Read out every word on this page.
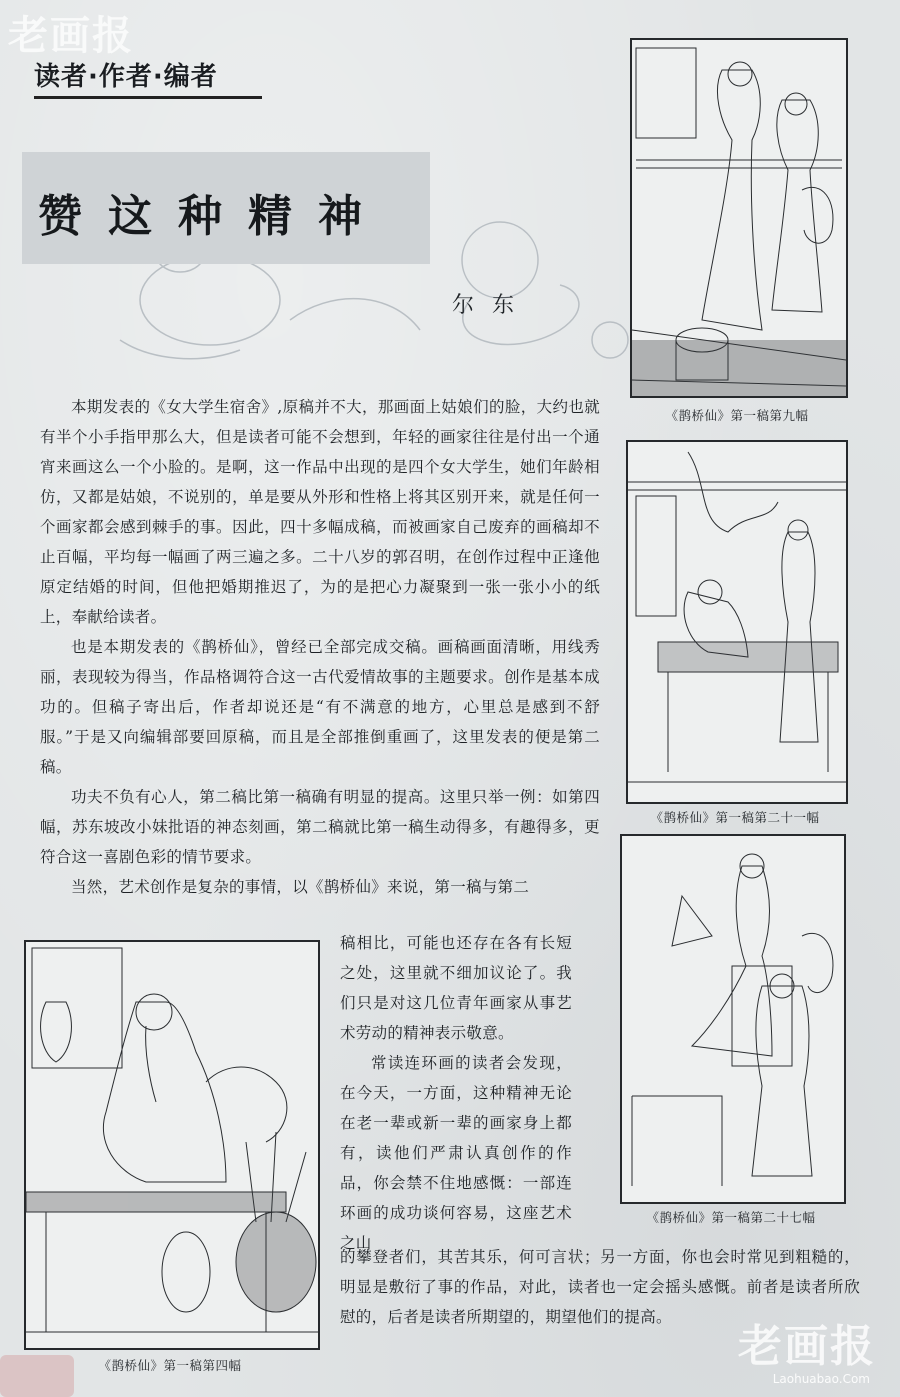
老画报
读者·作者·编者
赞这种精神
尔东

本期发表的《女大学生宿舍》,原稿并不大，那画面上姑娘们的脸，大约也就有半个小手指甲那么大，但是读者可能不会想到，年轻的画家往往是付出一个通宵来画这么一个小脸的。是啊，这一作品中出现的是四个女大学生，她们年龄相仿，又都是姑娘，不说别的，单是要从外形和性格上将其区别开来，就是任何一个画家都会感到棘手的事。因此，四十多幅成稿，而被画家自己废弃的画稿却不止百幅，平均每一幅画了两三遍之多。二十八岁的郭召明，在创作过程中正逢他原定结婚的时间，但他把婚期推迟了，为的是把心力凝聚到一张一张小小的纸上，奉献给读者。

也是本期发表的《鹊桥仙》，曾经已全部完成交稿。画稿画面清晰，用线秀丽，表现较为得当，作品格调符合这一古代爱情故事的主题要求。创作是基本成功的。但稿子寄出后，作者却说还是“有不满意的地方，心里总是感到不舒服。”于是又向编辑部要回原稿，而且是全部推倒重画了，这里发表的便是第二稿。

功夫不负有心人，第二稿比第一稿确有明显的提高。这里只举一例：如第四幅，苏东坡改小妹批语的神态刻画，第二稿就比第一稿生动得多，有趣得多，更符合这一喜剧色彩的情节要求。

当然，艺术创作是复杂的事情，以《鹊桥仙》来说，第一稿与第二

稿相比，可能也还存在各有长短之处，这里就不细加议论了。我们只是对这几位青年画家从事艺术劳动的精神表示敬意。

常读连环画的读者会发现，在今天，一方面，这种精神无论在老一辈或新一辈的画家身上都有，读他们严肃认真创作的作品，你会禁不住地感慨：一部连环画的成功谈何容易，这座艺术之山

的攀登者们，其苦其乐，何可言状；另一方面，你也会时常见到粗糙的，明显是敷衍了事的作品，对此，读者也一定会摇头感慨。前者是读者所欣慰的，后者是读者所期望的，期望他们的提高。

《鹊桥仙》第一稿第九幅
《鹊桥仙》第一稿第二十一幅
《鹊桥仙》第一稿第二十七幅
《鹊桥仙》第一稿第四幅	老画报
Laohuabao.Com
